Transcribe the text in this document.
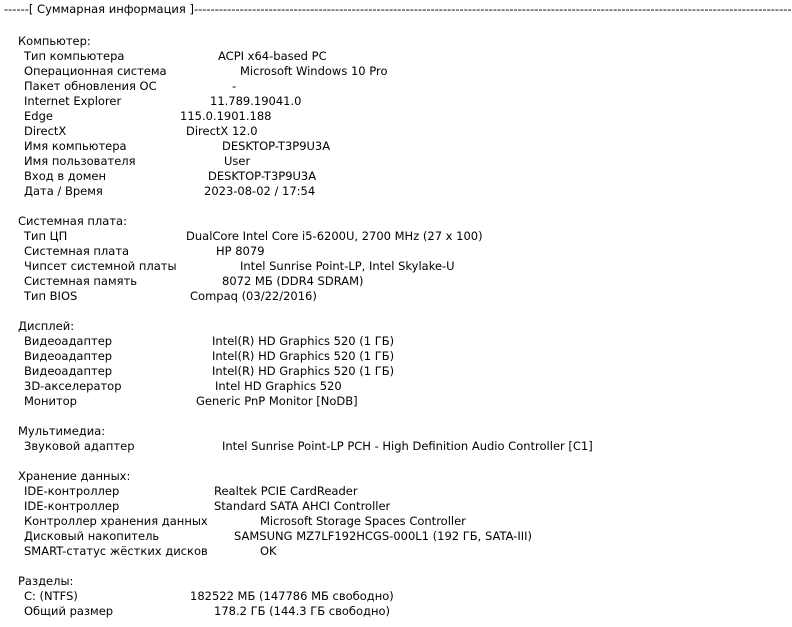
------[ Суммарная информация ]------------------------------------------------------------------------------------------------------------------------------------------------
Компьютер:
Тип компьютера	ACPI x64-based PC
Операционная система	Microsoft Windows 10 Pro
Пакет обновления ОС	-
Internet Explorer	11.789.19041.0
Edge	115.0.1901.188
DirectX	DirectX 12.0
Имя компьютера	DESKTOP-T3P9U3A
Имя пользователя	User
Вход в домен	DESKTOP-T3P9U3A
Дата / Время	2023-08-02 / 17:54
Системная плата:
Тип ЦП	DualCore Intel Core i5-6200U, 2700 MHz (27 x 100)
Системная плата	HP 8079
Чипсет системной платы	Intel Sunrise Point-LP, Intel Skylake-U
Системная память	8072 МБ (DDR4 SDRAM)
Тип BIOS	Compaq (03/22/2016)
Дисплей:
Видеоадаптер	Intel(R) HD Graphics 520 (1 ГБ)
Видеоадаптер	Intel(R) HD Graphics 520 (1 ГБ)
Видеоадаптер	Intel(R) HD Graphics 520 (1 ГБ)
3D-акселератор	Intel HD Graphics 520
Монитор	Generic PnP Monitor [NoDB]
Мультимедиа:
Звуковой адаптер	Intel Sunrise Point-LP PCH - High Definition Audio Controller [C1]
Хранение данных:
IDE-контроллер	Realtek PCIE CardReader
IDE-контроллер	Standard SATA AHCI Controller
Контроллер хранения данных	Microsoft Storage Spaces Controller
Дисковый накопитель	SAMSUNG MZ7LF192HCGS-000L1 (192 ГБ, SATA-III)
SMART-статус жёстких дисков	OK
Разделы:
C: (NTFS)	182522 МБ (147786 МБ свободно)
Общий размер	178.2 ГБ (144.3 ГБ свободно)
